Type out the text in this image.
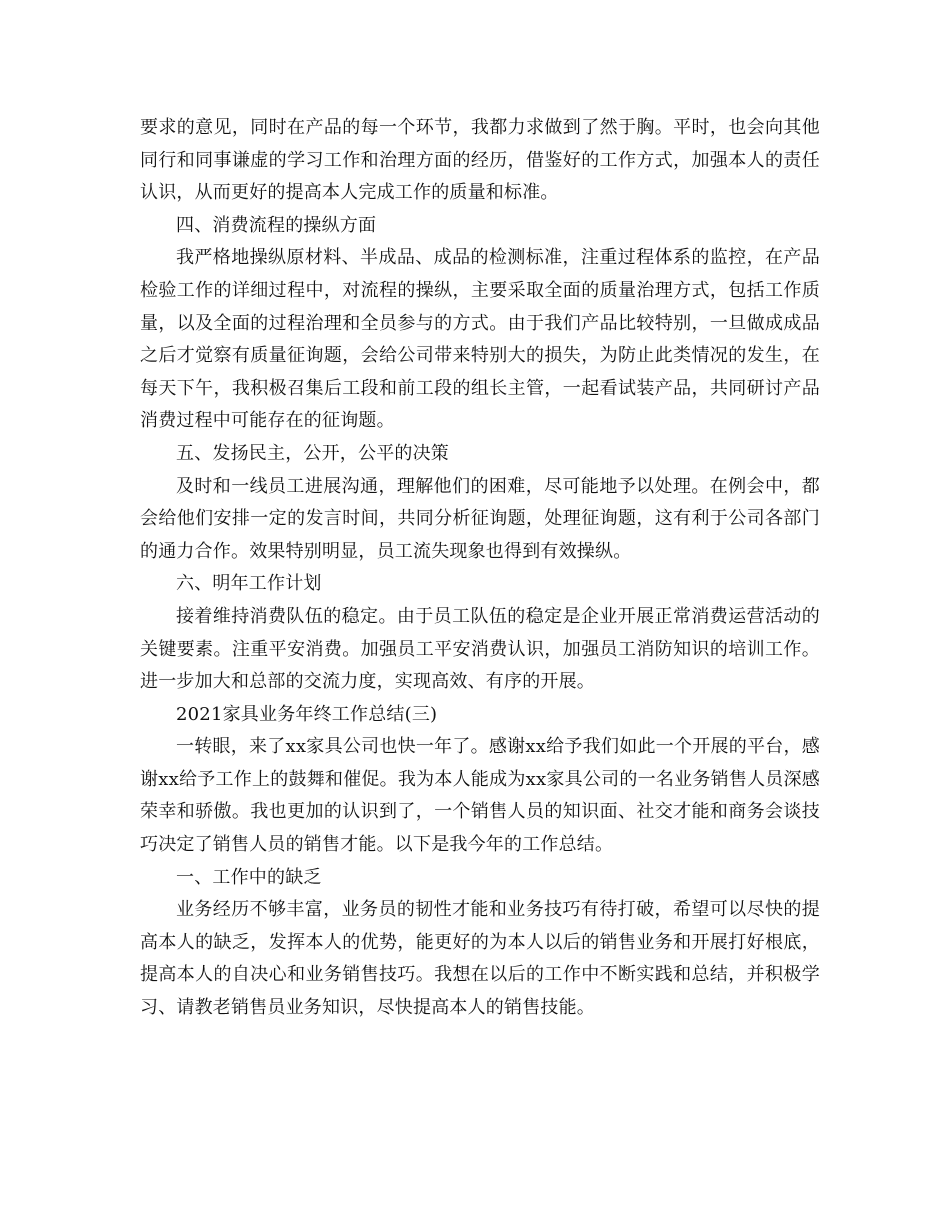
要求的意见，同时在产品的每一个环节，我都力求做到了然于胸。平时，也会向其他同行和同事谦虚的学习工作和治理方面的经历，借鉴好的工作方式，加强本人的责任认识，从而更好的提高本人完成工作的质量和标准。

四、消费流程的操纵方面

我严格地操纵原材料、半成品、成品的检测标准，注重过程体系的监控，在产品检验工作的详细过程中，对流程的操纵，主要采取全面的质量治理方式，包括工作质量，以及全面的过程治理和全员参与的方式。由于我们产品比较特别，一旦做成成品之后才觉察有质量征询题，会给公司带来特别大的损失，为防止此类情况的发生，在每天下午，我积极召集后工段和前工段的组长主管，一起看试装产品，共同研讨产品消费过程中可能存在的征询题。

五、发扬民主，公开，公平的决策

及时和一线员工进展沟通，理解他们的困难，尽可能地予以处理。在例会中，都会给他们安排一定的发言时间，共同分析征询题，处理征询题，这有利于公司各部门的通力合作。效果特别明显，员工流失现象也得到有效操纵。

六、明年工作计划

接着维持消费队伍的稳定。由于员工队伍的稳定是企业开展正常消费运营活动的关键要素。注重平安消费。加强员工平安消费认识，加强员工消防知识的培训工作。进一步加大和总部的交流力度，实现高效、有序的开展。

2021家具业务年终工作总结(三)

一转眼，来了xx家具公司也快一年了。感谢xx给予我们如此一个开展的平台，感谢xx给予工作上的鼓舞和催促。我为本人能成为xx家具公司的一名业务销售人员深感荣幸和骄傲。我也更加的认识到了，一个销售人员的知识面、社交才能和商务会谈技巧决定了销售人员的销售才能。以下是我今年的工作总结。

一、工作中的缺乏

业务经历不够丰富，业务员的韧性才能和业务技巧有待打破，希望可以尽快的提高本人的缺乏，发挥本人的优势，能更好的为本人以后的销售业务和开展打好根底，提高本人的自决心和业务销售技巧。我想在以后的工作中不断实践和总结，并积极学习、请教老销售员业务知识，尽快提高本人的销售技能。
